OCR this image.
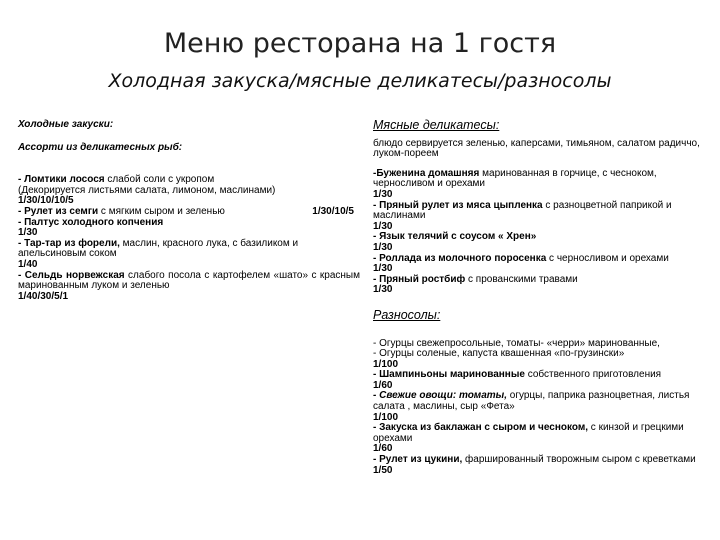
Меню ресторана на 1 гостя
Холодная закуска/мясные деликатесы/разносолы

Холодные закуски:

Ассорти из деликатесных рыб:

- Ломтики лосося слабой соли с укропом

(Декорируется листьями салата, лимоном, маслинами)

1/30/10/10/5

- Рулет из семги с мягким сыром и зеленью	1/30/10/5

- Палтус холодного копчения

1/30

- Тар-тар из форели, маслин, красного лука, с базиликом и апельсиновым соком

1/40

- Сельдь норвежская слабого посола с картофелем «шато» с красным маринованным луком и зеленью

1/40/30/5/1

Мясные деликатесы:

блюдо сервируется зеленью, каперсами, тимьяном, салатом радиччо, луком-пореем

-Буженина домашняя маринованная в горчице, с чесноком, черносливом и орехами

1/30

- Пряный рулет из мяса цыпленка с разноцветной паприкой и маслинами

1/30

- Язык телячий с соусом « Хрен»

1/30

- Роллада из молочного поросенка с черносливом и орехами

1/30

- Пряный ростбиф с прованскими травами

1/30

Разносолы:

- Огурцы свежепросольные, томаты- «черри» маринованные,

- Огурцы соленые, капуста квашенная «по-грузински»

1/100

- Шампиньоны маринованные собственного приготовления

1/60

- Свежие овощи: томаты, огурцы, паприка разноцветная, листья салата , маслины, сыр «Фета»

1/100

- Закуска из баклажан с сыром и чесноком, с кинзой и грецкими орехами

1/60

- Рулет из цукини, фаршированный творожным сыром с креветками

1/50
